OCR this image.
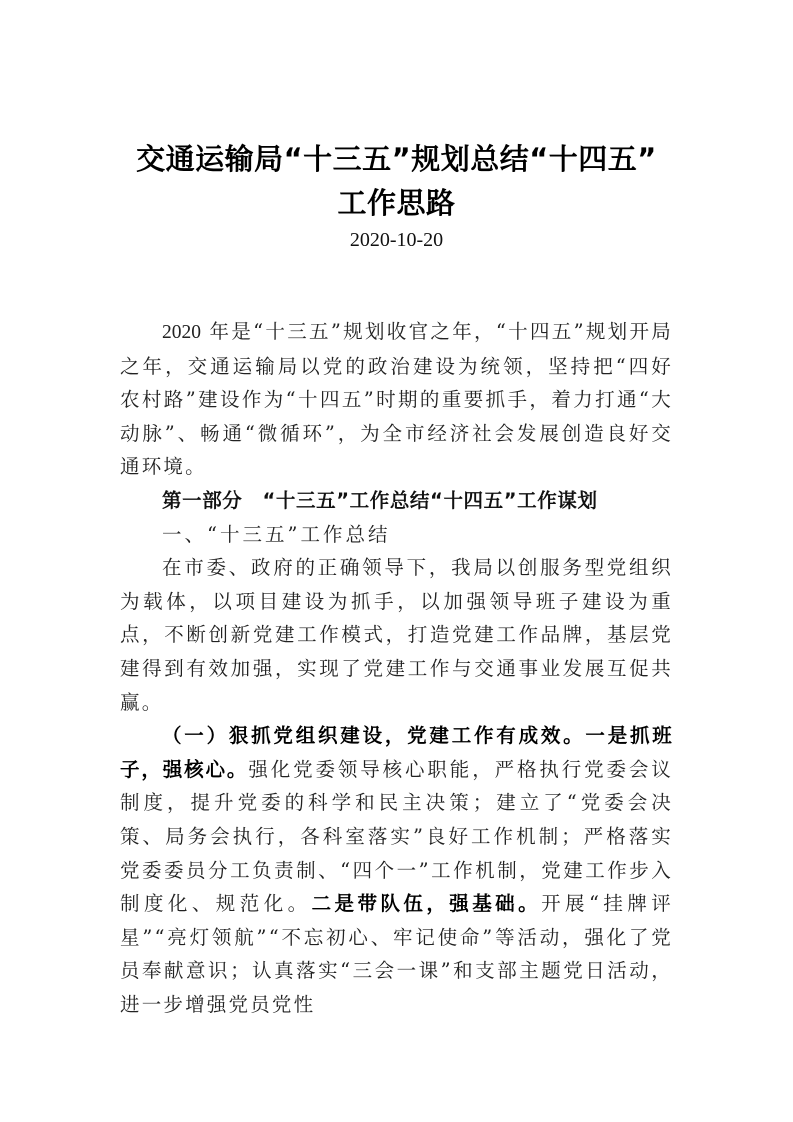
交通运输局“十三五”规划总结“十四五”
工作思路
2020-10-20

2020 年是“十三五”规划收官之年，“十四五”规划开局之年，交通运输局以党的政治建设为统领，坚持把“四好农村路”建设作为“十四五”时期的重要抓手，着力打通“大动脉”、畅通“微循环”，为全市经济社会发展创造良好交通环境。

第一部分　“十三五”工作总结“十四五”工作谋划

一、“十三五”工作总结

在市委、政府的正确领导下，我局以创服务型党组织为载体，以项目建设为抓手，以加强领导班子建设为重点，不断创新党建工作模式，打造党建工作品牌，基层党建得到有效加强，实现了党建工作与交通事业发展互促共赢。

（一）狠抓党组织建设，党建工作有成效。一是抓班子，强核心。强化党委领导核心职能，严格执行党委会议制度，提升党委的科学和民主决策；建立了“党委会决策、局务会执行，各科室落实”良好工作机制；严格落实党委委员分工负责制、“四个一”工作机制，党建工作步入制度化、规范化。二是带队伍，强基础。开展“挂牌评星”“亮灯领航”“不忘初心、牢记使命”等活动，强化了党员奉献意识；认真落实“三会一课”和支部主题党日活动，进一步增强党员党性
